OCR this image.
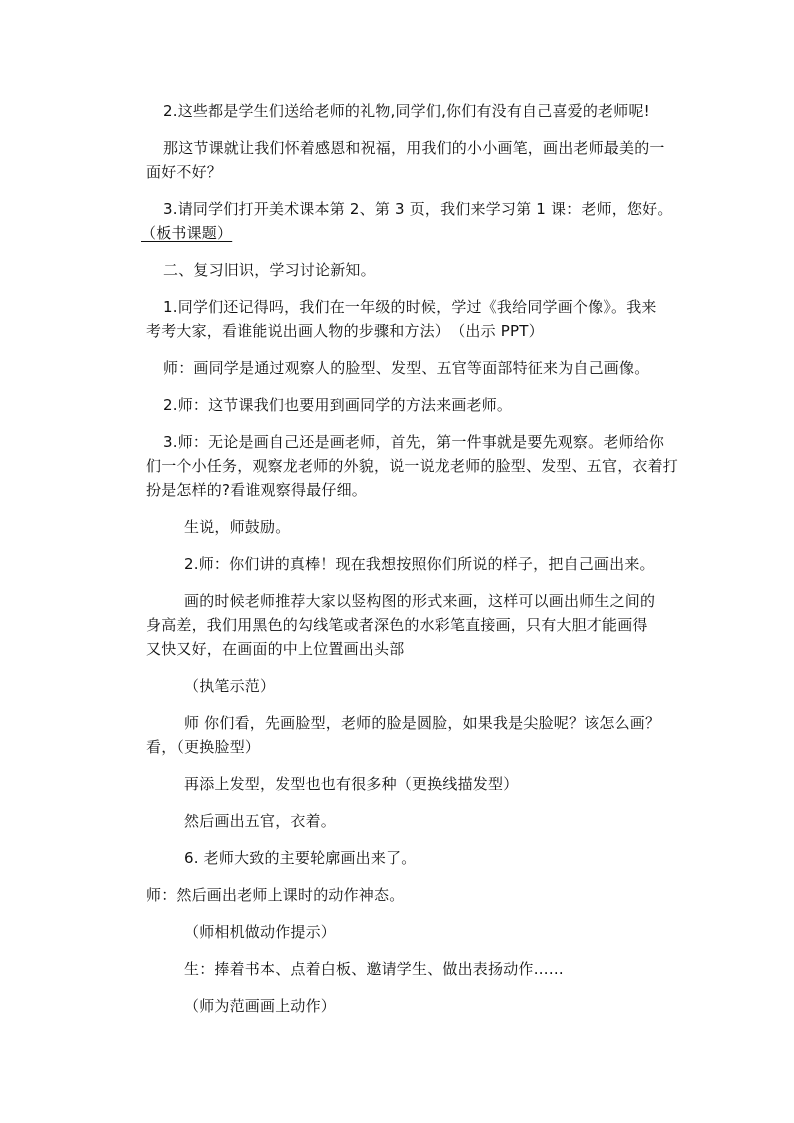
2.这些都是学生们送给老师的礼物,同学们,你们有没有自己喜爱的老师呢!
那这节课就让我们怀着感恩和祝福，用我们的小小画笔，画出老师最美的一
面好不好？
3.请同学们打开美术课本第 2、第 3 页，我们来学习第 1 课：老师，您好。
（板书课题）
二、复习旧识，学习讨论新知。
1.同学们还记得吗，我们在一年级的时候，学过《我给同学画个像》。我来
考考大家，看谁能说出画人物的步骤和方法）　（出示 PPT）
师：画同学是通过观察人的脸型、发型、五官等面部特征来为自己画像。
2.师：这节课我们也要用到画同学的方法来画老师。
3.师：无论是画自己还是画老师，首先，第一件事就是要先观察。老师给你
们一个小任务，观察龙老师的外貌，说一说龙老师的脸型、发型、五官，衣着打
扮是怎样的?看谁观察得最仔细。
生说，师鼓励。
2.师：你们讲的真棒！现在我想按照你们所说的样子，把自己画出来。
画的时候老师推荐大家以竖构图的形式来画，这样可以画出师生之间的
身高差，我们用黑色的勾线笔或者深色的水彩笔直接画，只有大胆才能画得
又快又好，在画面的中上位置画出头部
（执笔示范）
师 你们看，先画脸型，老师的脸是圆脸，如果我是尖脸呢？该怎么画？
看，（更换脸型）
再添上发型，发型也也有很多种（更换线描发型）
然后画出五官，衣着。
6. 老师大致的主要轮廓画出来了。
师：然后画出老师上课时的动作神态。
（师相机做动作提示）
生：捧着书本、点着白板、邀请学生、做出表扬动作……
（师为范画画上动作）
